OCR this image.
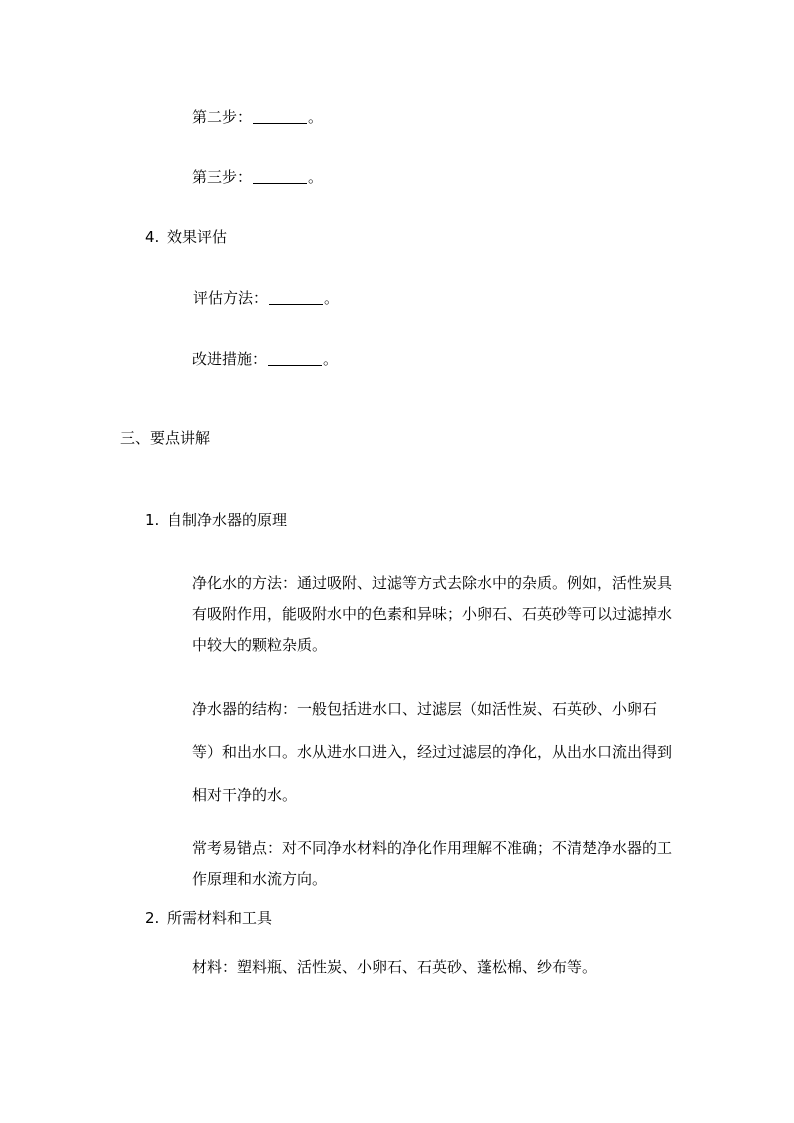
第二步：	。
第三步：	。
4. 效果评估
评估方法：	。
改进措施：	。
三、要点讲解
1. 自制净水器的原理
净化水的方法：通过吸附、过滤等方式去除水中的杂质。例如，活性炭具有吸附作用，能吸附水中的色素和异味；小卵石、石英砂等可以过滤掉水中较大的颗粒杂质。
净水器的结构：一般包括进水口、过滤层（如活性炭、石英砂、小卵石等）和出水口。水从进水口进入，经过过滤层的净化，从出水口流出得到相对干净的水。
常考易错点：对不同净水材料的净化作用理解不准确；不清楚净水器的工作原理和水流方向。
2. 所需材料和工具
材料：塑料瓶、活性炭、小卵石、石英砂、蓬松棉、纱布等。
